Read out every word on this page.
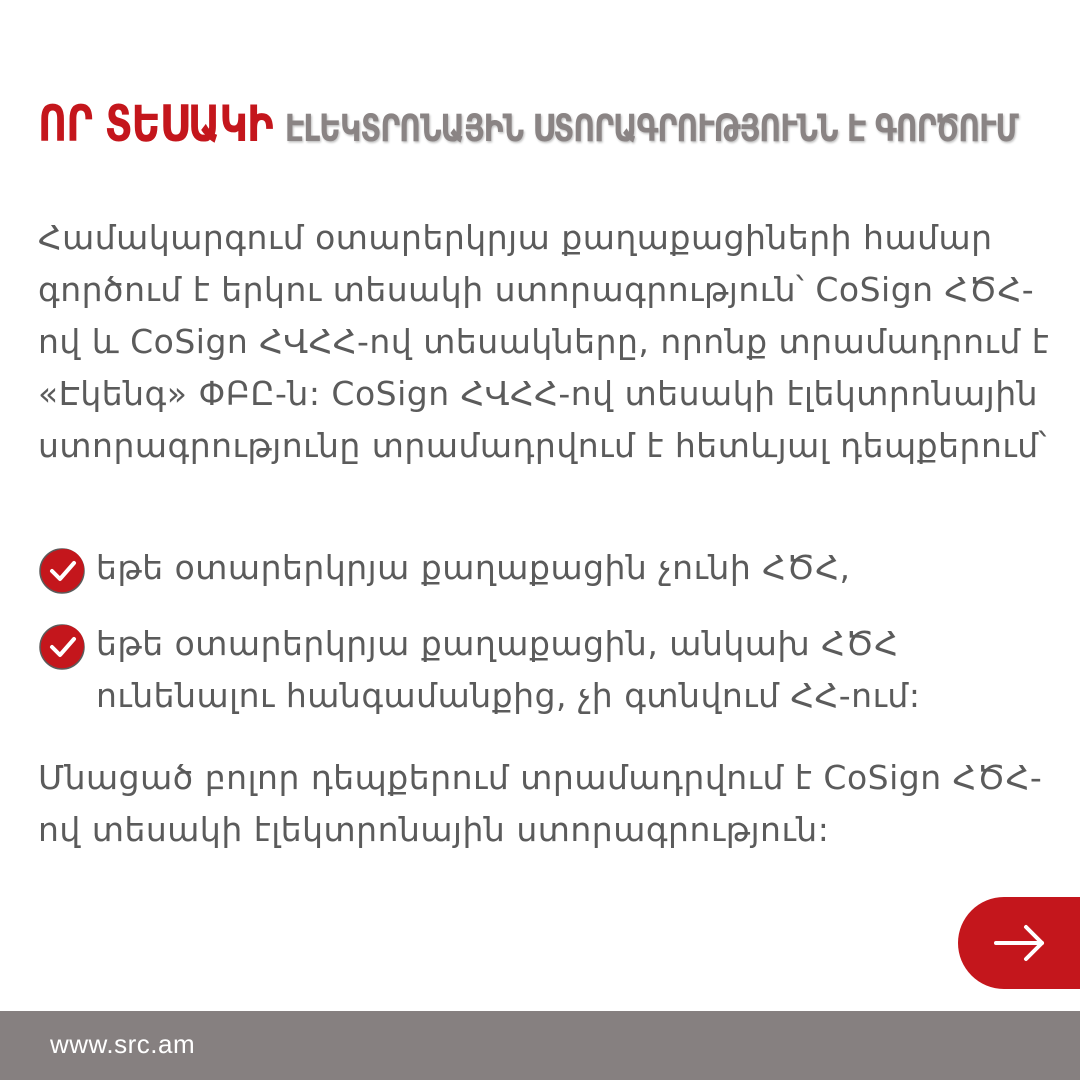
ՈՐ ՏԵՍԱԿԻ ԷԼԵԿՏՐՈՆԱՅԻՆ ՍՏՈՐԱԳՐՈՒԹՅՈՒՆՆ Է ԳՈՐԾՈՒՄ

Համակարգում օտարերկրյա քաղաքացիների համար գործում է երկու տեսակի ստորագրություն՝ CoSign ՀԾՀ-ով և CoSign ՀՎՀՀ-ով տեսակները, որոնք տրամադրում է «Էկենգ» ՓԲԸ-ն: CoSign ՀՎՀՀ-ով տեսակի էլեկտրոնային ստորագրությունը տրամադրվում է հետևյալ դեպքերում՝

եթե օտարերկրյա քաղաքացին չունի ՀԾՀ,
եթե օտարերկրյա քաղաքացին, անկախ ՀԾՀ ունենալու հանգամանքից, չի գտնվում ՀՀ-ում:

Մնացած բոլոր դեպքերում տրամադրվում է CoSign ՀԾՀ-ով տեսակի էլեկտրոնային ստորագրություն:

www.src.am
